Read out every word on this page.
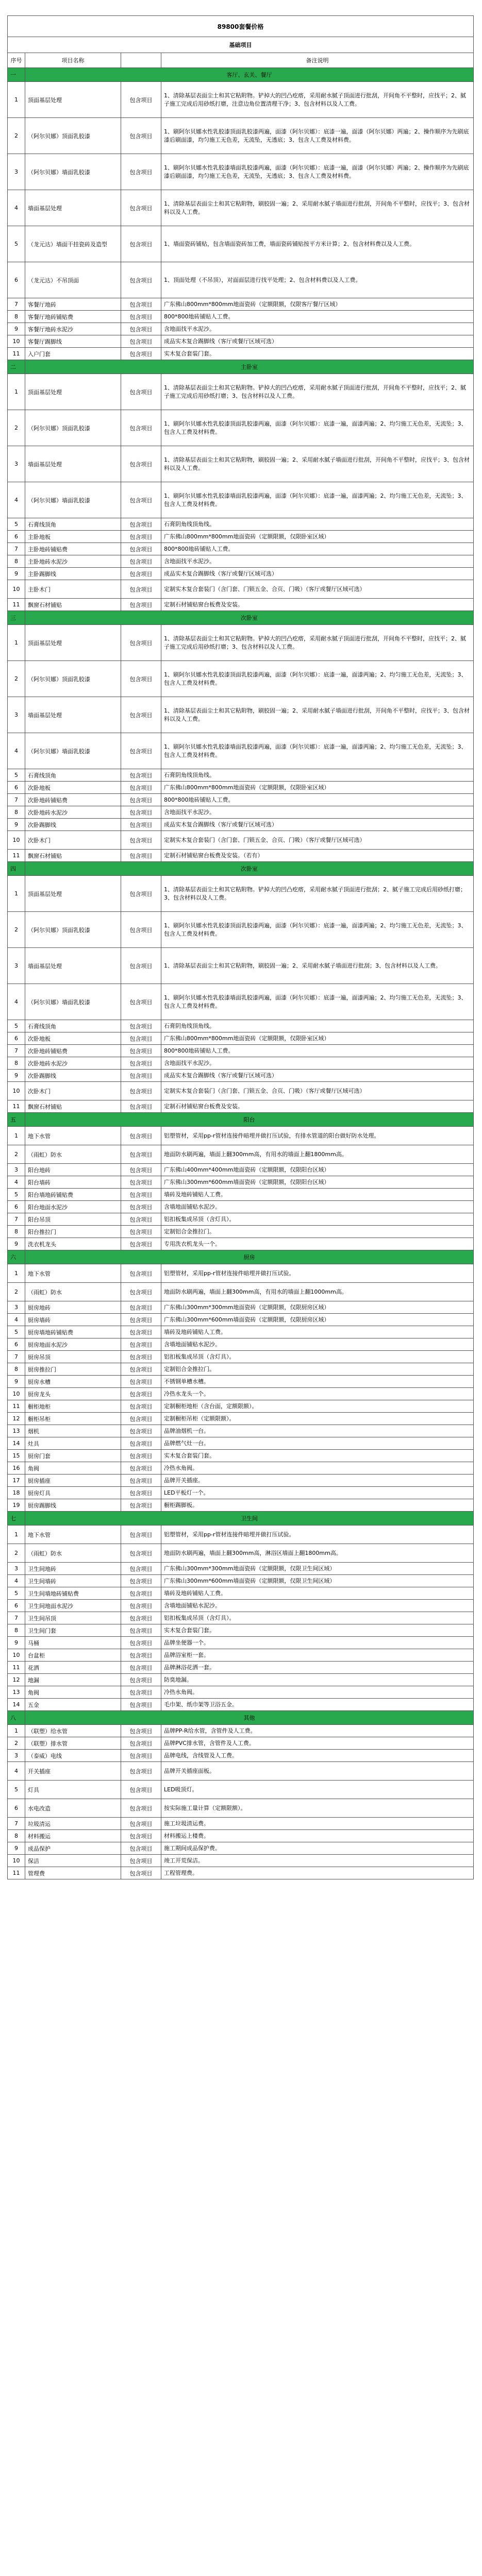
89800套餐价格			
基础项目			
序号	项目名称		备注说明
一	客厅、玄关、餐厅		
1	顶面基层处理	包含项目	1、清除基层表面尘土和其它粘附物。铲掉大的凹凸疙瘩，采用耐水腻子顶面进行批刮，开间角不平整时，应找平；2、腻子施工完成后用砂纸打磨，注意边角位置清理干净；3、包含材料以及人工费。
2	（阿尔贝娜）顶面乳胶漆	包含项目	1、刷阿尔贝娜水性乳胶漆顶面乳胶漆两遍，面漆（阿尔贝娜）：底漆一遍，面漆（阿尔贝娜）两遍；2、操作顺序为先刷底漆后刷面漆，均匀施工无色差，无流坠，无透底；3、包含人工费及材料费。
3	（阿尔贝娜）墙面乳胶漆	包含项目	1、刷阿尔贝娜水性乳胶漆墙面乳胶漆两遍，面漆（阿尔贝娜）：底漆一遍，面漆（阿尔贝娜）两遍；2、操作顺序为先刷底漆后刷面漆，均匀施工无色差，无流坠，无透底；3、包含人工费及材料费。
4	墙面基层处理	包含项目	1、清除基层表面尘土和其它粘附物，刷胶固一遍；2、采用耐水腻子墙面进行批刮，开间角不平整时，应找平；3、包含材料以及人工费。
5	（龙元达）墙面干挂瓷砖及造型	包含项目	1、墙面瓷砖铺贴，包含墙面瓷砖加工费，墙面瓷砖铺贴按平方米计算；2、包含材料费以及人工费。
6	（龙元达）不吊顶面	包含项目	1、顶面处理（不吊顶），对面面层进行找平处理；2、包含材料费以及人工费。
7	客餐厅地砖	包含项目	广东佛山800mm*800mm地面瓷砖（定额限额，仅限客厅餐厅区域）
8	客餐厅地砖铺贴费	包含项目	800*800地砖铺贴人工费。
9	客餐厅地砖水泥沙	包含项目	含地面找平水泥沙。
10	客餐厅踢脚线	包含项目	成品实木复合踢脚线（客厅或餐厅区域可选）
11	入户门套	包含项目	实木复合套装门套。
二	主卧室		
1	顶面基层处理	包含项目	1、清除基层表面尘土和其它粘附物。铲掉大的凹凸疙瘩，采用耐水腻子顶面进行批刮，开间角不平整时，应找平；2、腻子施工完成后用砂纸打磨；3、包含材料以及人工费。
2	（阿尔贝娜）顶面乳胶漆	包含项目	1、刷阿尔贝娜水性乳胶漆顶面乳胶漆两遍，面漆（阿尔贝娜）：底漆一遍，面漆两遍；2、均匀施工无色差，无流坠；3、包含人工费及材料费。
3	墙面基层处理	包含项目	1、清除基层表面尘土和其它粘附物，刷胶固一遍；2、采用耐水腻子墙面进行批刮，开间角不平整时，应找平；3、包含材料以及人工费。
4	（阿尔贝娜）墙面乳胶漆	包含项目	1、刷阿尔贝娜水性乳胶漆墙面乳胶漆两遍，面漆（阿尔贝娜）：底漆一遍，面漆两遍；2、均匀施工无色差，无流坠；3、包含人工费及材料费。
5	石膏线顶角	包含项目	石膏阴角线顶角线。
6	主卧地板	包含项目	广东佛山800mm*800mm地面瓷砖（定额限额，仅限卧室区域）
7	主卧地砖铺贴费	包含项目	800*800地砖铺贴人工费。
8	主卧地砖水泥沙	包含项目	含地面找平水泥沙。
9	主卧踢脚线	包含项目	成品实木复合踢脚线（客厅或餐厅区域可选）
10	主卧木门	包含项目	定制实木复合套装门（含门套、门锁五金、合页、门吸）（客厅或餐厅区域可选）
11	飘窗石材铺贴	包含项目	定制石材铺贴窗台板费及安装。
三	次卧室		
1	顶面基层处理	包含项目	1、清除基层表面尘土和其它粘附物。铲掉大的凹凸疙瘩，采用耐水腻子顶面进行批刮，开间角不平整时，应找平；2、腻子施工完成后用砂纸打磨；3、包含材料以及人工费。
2	（阿尔贝娜）顶面乳胶漆	包含项目	1、刷阿尔贝娜水性乳胶漆顶面乳胶漆两遍，面漆（阿尔贝娜）：底漆一遍，面漆两遍；2、均匀施工无色差，无流坠；3、包含人工费及材料费。
3	墙面基层处理	包含项目	1、清除基层表面尘土和其它粘附物，刷胶固一遍；2、采用耐水腻子墙面进行批刮，开间角不平整时，应找平；3、包含材料以及人工费。
4	（阿尔贝娜）墙面乳胶漆	包含项目	1、刷阿尔贝娜水性乳胶漆墙面乳胶漆两遍，面漆（阿尔贝娜）：底漆一遍，面漆两遍；2、均匀施工无色差，无流坠；3、包含人工费及材料费。
5	石膏线顶角	包含项目	石膏阴角线顶角线。
6	次卧地板	包含项目	广东佛山800mm*800mm地面瓷砖（定额限额，仅限卧室区域）
7	次卧地砖铺贴费	包含项目	800*800地砖铺贴人工费。
8	次卧地砖水泥沙	包含项目	含地面找平水泥沙。
9	次卧踢脚线	包含项目	成品实木复合踢脚线（客厅或餐厅区域可选）
10	次卧木门	包含项目	定制实木复合套装门（含门套、门锁五金、合页、门吸）（客厅或餐厅区域可选）
11	飘窗石材铺贴	包含项目	定制石材铺贴窗台板费及安装。（若有）
四	次卧室		
1	顶面基层处理	包含项目	1、清除基层表面尘土和其它粘附物。铲掉大的凹凸疙瘩，采用耐水腻子顶面进行批刮；2、腻子施工完成后用砂纸打磨；3、包含材料以及人工费。
2	（阿尔贝娜）顶面乳胶漆	包含项目	1、刷阿尔贝娜水性乳胶漆顶面乳胶漆两遍，面漆（阿尔贝娜）：底漆一遍，面漆两遍；2、均匀施工无色差，无流坠；3、包含人工费及材料费。
3	墙面基层处理	包含项目	1、清除基层表面尘土和其它粘附物，刷胶固一遍；2、采用耐水腻子墙面进行批刮；3、包含材料以及人工费。
4	（阿尔贝娜）墙面乳胶漆	包含项目	1、刷阿尔贝娜水性乳胶漆墙面乳胶漆两遍，面漆（阿尔贝娜）：底漆一遍，面漆两遍；2、均匀施工无色差，无流坠；3、包含人工费及材料费。
5	石膏线顶角	包含项目	石膏阴角线顶角线。
6	次卧地板	包含项目	广东佛山800mm*800mm地面瓷砖（定额限额，仅限卧室区域）
7	次卧地砖铺贴费	包含项目	800*800地砖铺贴人工费。
8	次卧地砖水泥沙	包含项目	含地面找平水泥沙。
9	次卧踢脚线	包含项目	成品实木复合踢脚线（客厅或餐厅区域可选）
10	次卧木门	包含项目	定制实木复合套装门（含门套、门锁五金、合页、门吸）（客厅或餐厅区域可选）
11	飘窗石材铺贴	包含项目	定制石材铺贴窗台板费及安装。
五	阳台		
1	地下水管	包含项目	铝塑管材，采用pp-r管材连接件暗埋并做打压试验，有排水管道的阳台做好防水处理。
2	（雨虹）防水	包含项目	地面防水刷两遍，墙面上翻300mm高，有用水的墙面上翻1800mm高。
3	阳台地砖	包含项目	广东佛山400mm*400mm地面瓷砖（定额限额，仅限阳台区域）
4	阳台墙砖	包含项目	广东佛山300mm*600mm墙面瓷砖（定额限额，仅限阳台区域）
5	阳台墙地砖铺贴费	包含项目	墙砖及地砖铺贴人工费。
6	阳台地面水泥沙	包含项目	含墙地面铺贴水泥沙。
7	阳台吊顶	包含项目	铝扣板集成吊顶（含灯具）。
8	阳台推拉门	包含项目	定制铝合金推拉门。
9	洗衣机龙头	包含项目	专用洗衣机龙头一个。
六	厨房		
1	地下水管	包含项目	铝塑管材，采用pp-r管材连接件暗埋并做打压试验。
2	（雨虹）防水	包含项目	地面防水刷两遍，墙面上翻300mm高，有用水的墙面上翻1000mm高。
3	厨房地砖	包含项目	广东佛山300mm*300mm地面瓷砖（定额限额，仅限厨房区域）
4	厨房墙砖	包含项目	广东佛山300mm*600mm墙面瓷砖（定额限额，仅限厨房区域）
5	厨房墙地砖铺贴费	包含项目	墙砖及地砖铺贴人工费。
6	厨房地面水泥沙	包含项目	含墙地面铺贴水泥沙。
7	厨房吊顶	包含项目	铝扣板集成吊顶（含灯具）。
8	厨房推拉门	包含项目	定制铝合金推拉门。
9	厨房水槽	包含项目	不锈钢单槽水槽。
10	厨房龙头	包含项目	冷热水龙头一个。
11	橱柜地柜	包含项目	定制橱柜地柜（含台面，定额限额）。
12	橱柜吊柜	包含项目	定制橱柜吊柜（定额限额）。
13	烟机	包含项目	品牌油烟机一台。
14	灶具	包含项目	品牌燃气灶一台。
15	厨房门套	包含项目	实木复合套装门套。
16	角阀	包含项目	冷热水角阀。
17	厨房插座	包含项目	品牌开关插座。
18	厨房灯具	包含项目	LED平板灯一个。
19	厨房踢脚线	包含项目	橱柜踢脚板。
七	卫生间		
1	地下水管	包含项目	铝塑管材，采用pp-r管材连接件暗埋并做打压试验。
2	（雨虹）防水	包含项目	地面防水刷两遍，墙面上翻300mm高，淋浴区墙面上翻1800mm高。
3	卫生间地砖	包含项目	广东佛山300mm*300mm地面瓷砖（定额限额，仅限卫生间区域）
4	卫生间墙砖	包含项目	广东佛山300mm*600mm墙面瓷砖（定额限额，仅限卫生间区域）
5	卫生间墙地砖铺贴费	包含项目	墙砖及地砖铺贴人工费。
6	卫生间地面水泥沙	包含项目	含墙地面铺贴水泥沙。
7	卫生间吊顶	包含项目	铝扣板集成吊顶（含灯具）。
8	卫生间门套	包含项目	实木复合套装门套。
9	马桶	包含项目	品牌坐便器一个。
10	台盆柜	包含项目	品牌浴室柜一套。
11	花洒	包含项目	品牌淋浴花洒一套。
12	地漏	包含项目	防臭地漏。
13	角阀	包含项目	冷热水角阀。
14	五金	包含项目	毛巾架、纸巾架等卫浴五金。
八	其他		
1	（联塑）给水管	包含项目	品牌PP-R给水管，含管件及人工费。
2	（联塑）排水管	包含项目	品牌PVC排水管，含管件及人工费。
3	（泰威）电线	包含项目	品牌电线，含线管及人工费。
4	开关插座	包含项目	品牌开关插座面板。
5	灯具	包含项目	LED吸顶灯。
6	水电改造	包含项目	按实际施工量计算（定额限额）。
7	垃圾清运	包含项目	施工垃圾清运费。
8	材料搬运	包含项目	材料搬运上楼费。
9	成品保护	包含项目	施工期间成品保护费。
10	保洁	包含项目	竣工开荒保洁。
11	管理费	包含项目	工程管理费。
